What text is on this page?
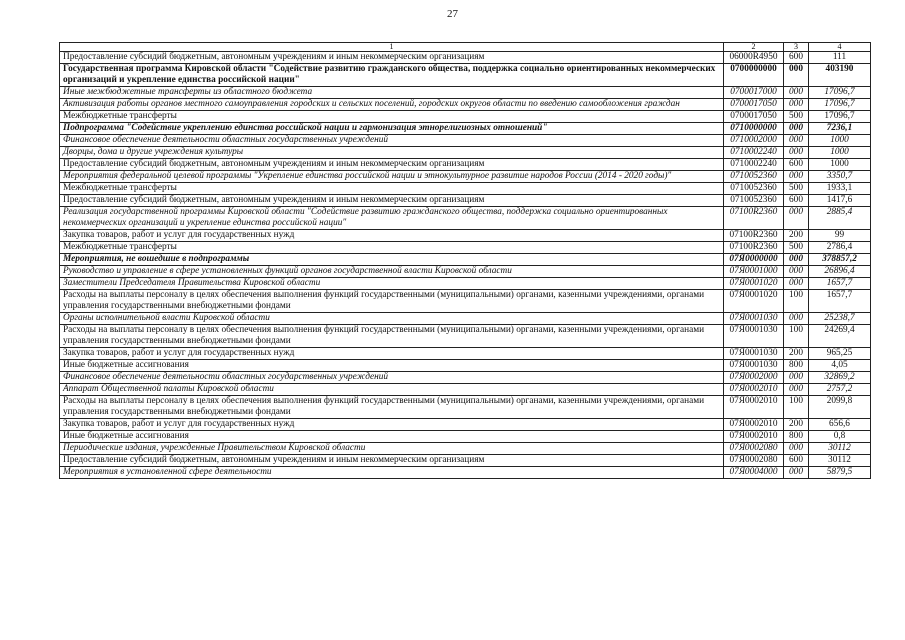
27
1	2	3	4
Предоставление субсидий бюджетным, автономным учреждениям и иным некоммерческим организациям	06000R4950	600	111
Государственная программа Кировской области "Содействие развитию гражданского общества, поддержка социально ориентированных некоммерческих организаций и укрепление единства российской нации"	0700000000	000	403190
Иные межбюджетные трансферты из областного бюджета	0700017000	000	17096,7
Активизация работы органов местного самоуправления городских и сельских поселений, городских округов области по введению самообложения граждан	0700017050	000	17096,7
Межбюджетные трансферты	0700017050	500	17096,7
Подпрограмма "Содействие укреплению единства российской нации и гармонизация этнорелигиозных отношений"	0710000000	000	7236,1
Финансовое обеспечение деятельности областных государственных учреждений	0710002000	000	1000
Дворцы, дома и другие учреждения культуры	0710002240	000	1000
Предоставление субсидий бюджетным, автономным учреждениям и иным некоммерческим организациям	0710002240	600	1000
Мероприятия федеральной целевой программы "Укрепление единства российской нации и этнокультурное развитие народов России (2014 - 2020 годы)"	0710052360	000	3350,7
Межбюджетные трансферты	0710052360	500	1933,1
Предоставление субсидий бюджетным, автономным учреждениям и иным некоммерческим организациям	0710052360	600	1417,6
Реализация государственной программы Кировской области "Содействие развитию гражданского общества, поддержка социально ориентированных некоммерческих организаций и укрепление единства российской нации"	07100R2360	000	2885,4
Закупка товаров, работ и услуг для государственных нужд	07100R2360	200	99
Межбюджетные трансферты	07100R2360	500	2786,4
Мероприятия, не вошедшие в подпрограммы	07Я0000000	000	378857,2
Руководство и управление в сфере установленных функций органов государственной власти Кировской области	07Я0001000	000	26896,4
Заместители Председателя Правительства Кировской области	07Я0001020	000	1657,7
Расходы на выплаты персоналу в целях обеспечения выполнения функций государственными (муниципальными) органами, казенными учреждениями, органами управления государственными внебюджетными фондами	07Я0001020	100	1657,7
Органы исполнительной власти Кировской области	07Я0001030	000	25238,7
Расходы на выплаты персоналу в целях обеспечения выполнения функций государственными (муниципальными) органами, казенными учреждениями, органами управления государственными внебюджетными фондами	07Я0001030	100	24269,4
Закупка товаров, работ и услуг для государственных нужд	07Я0001030	200	965,25
Иные бюджетные ассигнования	07Я0001030	800	4,05
Финансовое обеспечение деятельности областных государственных учреждений	07Я0002000	000	32869,2
Аппарат Общественной палаты Кировской области	07Я0002010	000	2757,2
Расходы на выплаты персоналу в целях обеспечения выполнения функций государственными (муниципальными) органами, казенными учреждениями, органами управления государственными внебюджетными фондами	07Я0002010	100	2099,8
Закупка товаров, работ и услуг для государственных нужд	07Я0002010	200	656,6
Иные бюджетные ассигнования	07Я0002010	800	0,8
Периодические издания, учрежденные Правительством Кировской области	07Я0002080	000	30112
Предоставление субсидий бюджетным, автономным учреждениям и иным некоммерческим организациям	07Я0002080	600	30112
Мероприятия в установленной сфере деятельности	07Я0004000	000	5879,5
